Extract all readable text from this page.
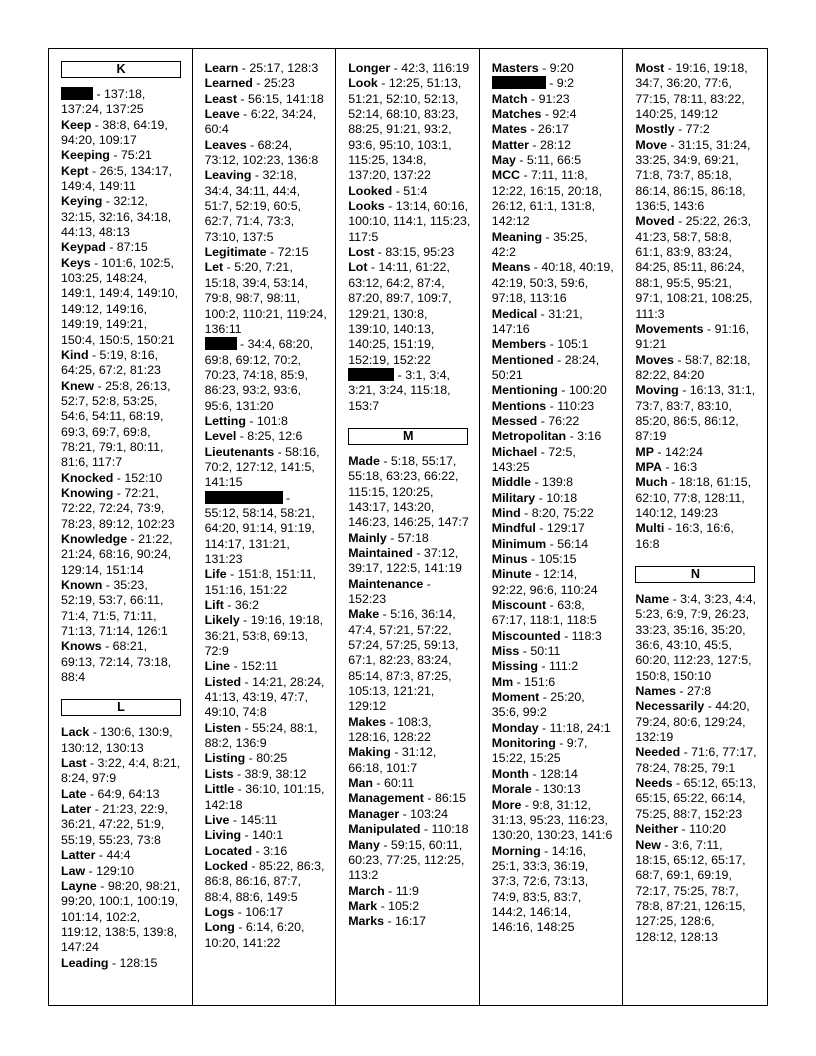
K
- 137:18, 137:24, 137:25
Keep - 38:8, 64:19, 94:20, 109:17
Keeping - 75:21
Kept - 26:5, 134:17, 149:4, 149:11
Keying - 32:12, 32:15, 32:16, 34:18, 44:13, 48:13
Keypad - 87:15
Keys - 101:6, 102:5, 103:25, 148:24, 149:1, 149:4, 149:10, 149:12, 149:16, 149:19, 149:21, 150:4, 150:5, 150:21
Kind - 5:19, 8:16, 64:25, 67:2, 81:23
Knew - 25:8, 26:13, 52:7, 52:8, 53:25, 54:6, 54:11, 68:19, 69:3, 69:7, 69:8, 78:21, 79:1, 80:11, 81:6, 117:7
Knocked - 152:10
Knowing - 72:21, 72:22, 72:24, 73:9, 78:23, 89:12, 102:23
Knowledge - 21:22, 21:24, 68:16, 90:24, 129:14, 151:14
Known - 35:23, 52:19, 53:7, 66:11, 71:4, 71:5, 71:11, 71:13, 71:14, 126:1
Knows - 68:21, 69:13, 72:14, 73:18, 88:4
L
Lack - 130:6, 130:9, 130:12, 130:13
Last - 3:22, 4:4, 8:21, 8:24, 97:9
Late - 64:9, 64:13
Later - 21:23, 22:9, 36:21, 47:22, 51:9, 55:19, 55:23, 73:8
Latter - 44:4
Law - 129:10
Layne - 98:20, 98:21, 99:20, 100:1, 100:19, 101:14, 102:2, 119:12, 138:5, 139:8, 147:24
Leading - 128:15
Learn - 25:17, 128:3
Learned - 25:23
Least - 56:15, 141:18
Leave - 6:22, 34:24, 60:4
Leaves - 68:24, 73:12, 102:23, 136:8
Leaving - 32:18, 34:4, 34:11, 44:4, 51:7, 52:19, 60:5, 62:7, 71:4, 73:3, 73:10, 137:5
Legitimate - 72:15
Let - 5:20, 7:21, 15:18, 39:4, 53:14, 79:8, 98:7, 98:11, 100:2, 110:21, 119:24, 136:11
- 34:4, 68:20, 69:8, 69:12, 70:2, 70:23, 74:18, 85:9, 86:23, 93:2, 93:6, 95:6, 131:20
Letting - 101:8
Level - 8:25, 12:6
Lieutenants - 58:16, 70:2, 127:12, 141:5, 141:15
- 55:12, 58:14, 58:21, 64:20, 91:14, 91:19, 114:17, 131:21, 131:23
Life - 151:8, 151:11, 151:16, 151:22
Lift - 36:2
Likely - 19:16, 19:18, 36:21, 53:8, 69:13, 72:9
Line - 152:11
Listed - 14:21, 28:24, 41:13, 43:19, 47:7, 49:10, 74:8
Listen - 55:24, 88:1, 88:2, 136:9
Listing - 80:25
Lists - 38:9, 38:12
Little - 36:10, 101:15, 142:18
Live - 145:11
Living - 140:1
Located - 3:16
Locked - 85:22, 86:3, 86:8, 86:16, 87:7, 88:4, 88:6, 149:5
Logs - 106:17
Long - 6:14, 6:20, 10:20, 141:22
Longer - 42:3, 116:19
Look - 12:25, 51:13, 51:21, 52:10, 52:13, 52:14, 68:10, 83:23, 88:25, 91:21, 93:2, 93:6, 95:10, 103:1, 115:25, 134:8, 137:20, 137:22
Looked - 51:4
Looks - 13:14, 60:16, 100:10, 114:1, 115:23, 117:5
Lost - 83:15, 95:23
Lot - 14:11, 61:22, 63:12, 64:2, 87:4, 87:20, 89:7, 109:7, 129:21, 130:8, 139:10, 140:13, 140:25, 151:19, 152:19, 152:22
- 3:1, 3:4, 3:21, 3:24, 115:18, 153:7
M
Made - 5:18, 55:17, 55:18, 63:23, 66:22, 115:15, 120:25, 143:17, 143:20, 146:23, 146:25, 147:7
Mainly - 57:18
Maintained - 37:12, 39:17, 122:5, 141:19
Maintenance - 152:23
Make - 5:16, 36:14, 47:4, 57:21, 57:22, 57:24, 57:25, 59:13, 67:1, 82:23, 83:24, 85:14, 87:3, 87:25, 105:13, 121:21, 129:12
Makes - 108:3, 128:16, 128:22
Making - 31:12, 66:18, 101:7
Man - 60:11
Management - 86:15
Manager - 103:24
Manipulated - 110:18
Many - 59:15, 60:11, 60:23, 77:25, 112:25, 113:2
March - 11:9
Mark - 105:2
Marks - 16:17
Masters - 9:20
- 9:2
Match - 91:23
Matches - 92:4
Mates - 26:17
Matter - 28:12
May - 5:11, 66:5
MCC - 7:11, 11:8, 12:22, 16:15, 20:18, 26:12, 61:1, 131:8, 142:12
Meaning - 35:25, 42:2
Means - 40:18, 40:19, 42:19, 50:3, 59:6, 97:18, 113:16
Medical - 31:21, 147:16
Members - 105:1
Mentioned - 28:24, 50:21
Mentioning - 100:20
Mentions - 110:23
Messed - 76:22
Metropolitan - 3:16
Michael - 72:5, 143:25
Middle - 139:8
Military - 10:18
Mind - 8:20, 75:22
Mindful - 129:17
Minimum - 56:14
Minus - 105:15
Minute - 12:14, 92:22, 96:6, 110:24
Miscount - 63:8, 67:17, 118:1, 118:5
Miscounted - 118:3
Miss - 50:11
Missing - 111:2
Mm - 151:6
Moment - 25:20, 35:6, 99:2
Monday - 11:18, 24:1
Monitoring - 9:7, 15:22, 15:25
Month - 128:14
Morale - 130:13
More - 9:8, 31:12, 31:13, 95:23, 116:23, 130:20, 130:23, 141:6
Morning - 14:16, 25:1, 33:3, 36:19, 37:3, 72:6, 73:13, 74:9, 83:5, 83:7, 144:2, 146:14, 146:16, 148:25
Most - 19:16, 19:18, 34:7, 36:20, 77:6, 77:15, 78:11, 83:22, 140:25, 149:12
Mostly - 77:2
Move - 31:15, 31:24, 33:25, 34:9, 69:21, 71:8, 73:7, 85:18, 86:14, 86:15, 86:18, 136:5, 143:6
Moved - 25:22, 26:3, 41:23, 58:7, 58:8, 61:1, 83:9, 83:24, 84:25, 85:11, 86:24, 88:1, 95:5, 95:21, 97:1, 108:21, 108:25, 111:3
Movements - 91:16, 91:21
Moves - 58:7, 82:18, 82:22, 84:20
Moving - 16:13, 31:1, 73:7, 83:7, 83:10, 85:20, 86:5, 86:12, 87:19
MP - 142:24
MPA - 16:3
Much - 18:18, 61:15, 62:10, 77:8, 128:11, 140:12, 149:23
Multi - 16:3, 16:6, 16:8
N
Name - 3:4, 3:23, 4:4, 5:23, 6:9, 7:9, 26:23, 33:23, 35:16, 35:20, 36:6, 43:10, 45:5, 60:20, 112:23, 127:5, 150:8, 150:10
Names - 27:8
Necessarily - 44:20, 79:24, 80:6, 129:24, 132:19
Needed - 71:6, 77:17, 78:24, 78:25, 79:1
Needs - 65:12, 65:13, 65:15, 65:22, 66:14, 75:25, 88:7, 152:23
Neither - 110:20
New - 3:6, 7:11, 18:15, 65:12, 65:17, 68:7, 69:1, 69:19, 72:17, 75:25, 78:7, 78:8, 87:21, 126:15, 127:25, 128:6, 128:12, 128:13
